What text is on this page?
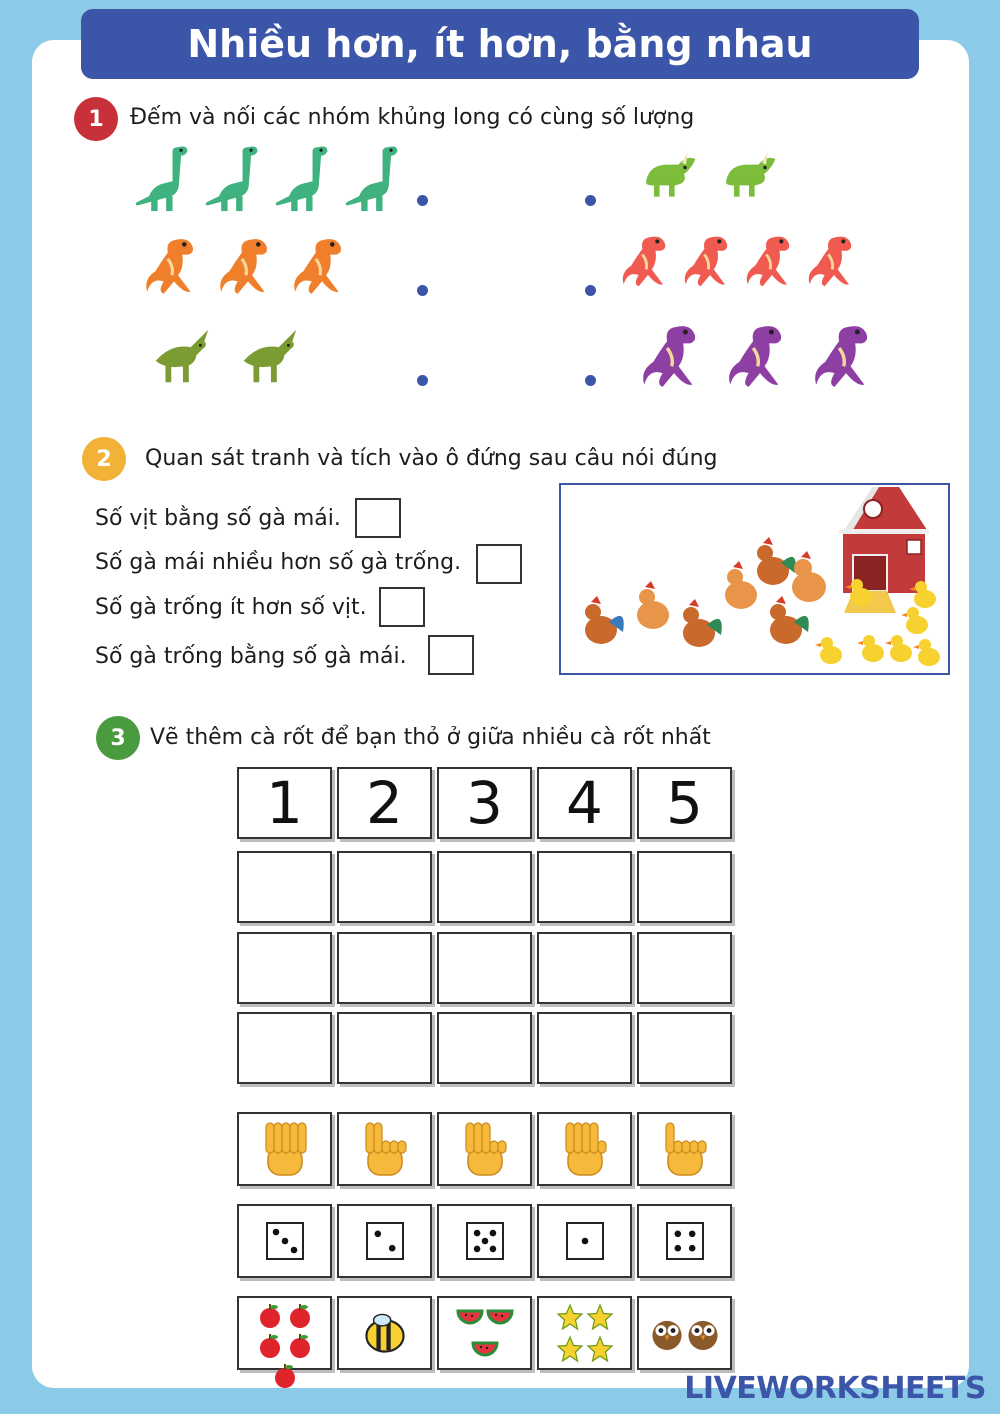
Nhiều hơn, ít hơn, bằng nhau
1	Đếm và nối các nhóm khủng long có cùng số lượng
2	Quan sát tranh và tích vào ô đứng sau câu nói đúng
Số vịt bằng số gà mái.
Số gà mái nhiều hơn số gà trống.
Số gà trống ít hơn số vịt.
Số gà trống bằng số gà mái.
3	Vẽ thêm cà rốt để bạn thỏ ở giữa nhiều cà rốt nhất
1 2 3 4 5
LIVEWORKSHEETS
